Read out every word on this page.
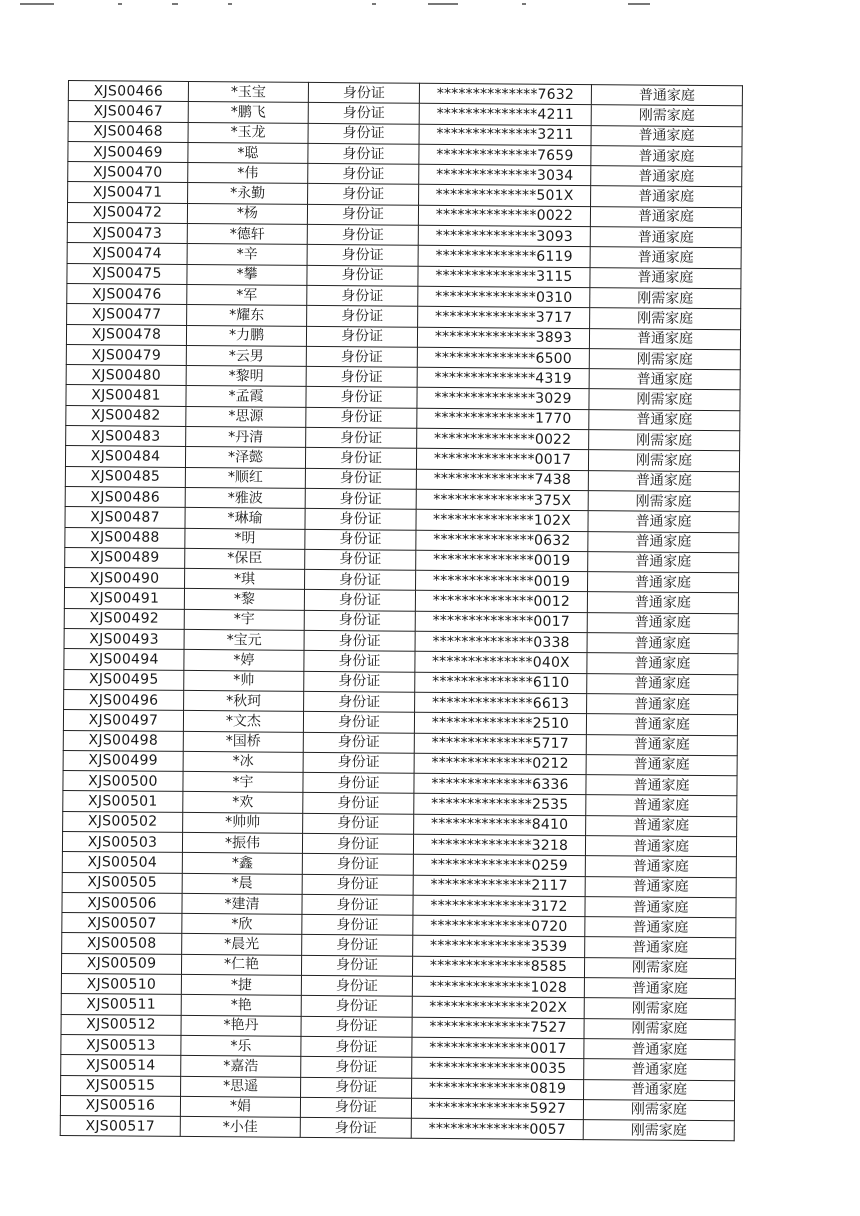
XJS00466	*玉宝	身份证	**************7632	普通家庭
XJS00467	*鹏飞	身份证	**************4211	刚需家庭
XJS00468	*玉龙	身份证	**************3211	普通家庭
XJS00469	*聪	身份证	**************7659	普通家庭
XJS00470	*伟	身份证	**************3034	普通家庭
XJS00471	*永勤	身份证	**************501X	普通家庭
XJS00472	*杨	身份证	**************0022	普通家庭
XJS00473	*德轩	身份证	**************3093	普通家庭
XJS00474	*辛	身份证	**************6119	普通家庭
XJS00475	*攀	身份证	**************3115	普通家庭
XJS00476	*军	身份证	**************0310	刚需家庭
XJS00477	*耀东	身份证	**************3717	刚需家庭
XJS00478	*力鹏	身份证	**************3893	普通家庭
XJS00479	*云男	身份证	**************6500	刚需家庭
XJS00480	*黎明	身份证	**************4319	普通家庭
XJS00481	*孟霞	身份证	**************3029	刚需家庭
XJS00482	*思源	身份证	**************1770	普通家庭
XJS00483	*丹清	身份证	**************0022	刚需家庭
XJS00484	*泽懿	身份证	**************0017	刚需家庭
XJS00485	*顺红	身份证	**************7438	普通家庭
XJS00486	*雅波	身份证	**************375X	刚需家庭
XJS00487	*琳瑜	身份证	**************102X	普通家庭
XJS00488	*明	身份证	**************0632	普通家庭
XJS00489	*保臣	身份证	**************0019	普通家庭
XJS00490	*琪	身份证	**************0019	普通家庭
XJS00491	*黎	身份证	**************0012	普通家庭
XJS00492	*宇	身份证	**************0017	普通家庭
XJS00493	*宝元	身份证	**************0338	普通家庭
XJS00494	*婷	身份证	**************040X	普通家庭
XJS00495	*帅	身份证	**************6110	普通家庭
XJS00496	*秋珂	身份证	**************6613	普通家庭
XJS00497	*文杰	身份证	**************2510	普通家庭
XJS00498	*国桥	身份证	**************5717	普通家庭
XJS00499	*冰	身份证	**************0212	普通家庭
XJS00500	*宇	身份证	**************6336	普通家庭
XJS00501	*欢	身份证	**************2535	普通家庭
XJS00502	*帅帅	身份证	**************8410	普通家庭
XJS00503	*振伟	身份证	**************3218	普通家庭
XJS00504	*鑫	身份证	**************0259	普通家庭
XJS00505	*晨	身份证	**************2117	普通家庭
XJS00506	*建清	身份证	**************3172	普通家庭
XJS00507	*欣	身份证	**************0720	普通家庭
XJS00508	*晨光	身份证	**************3539	普通家庭
XJS00509	*仁艳	身份证	**************8585	刚需家庭
XJS00510	*捷	身份证	**************1028	普通家庭
XJS00511	*艳	身份证	**************202X	刚需家庭
XJS00512	*艳丹	身份证	**************7527	刚需家庭
XJS00513	*乐	身份证	**************0017	普通家庭
XJS00514	*嘉浩	身份证	**************0035	普通家庭
XJS00515	*思遥	身份证	**************0819	普通家庭
XJS00516	*娟	身份证	**************5927	刚需家庭
XJS00517	*小佳	身份证	**************0057	刚需家庭
